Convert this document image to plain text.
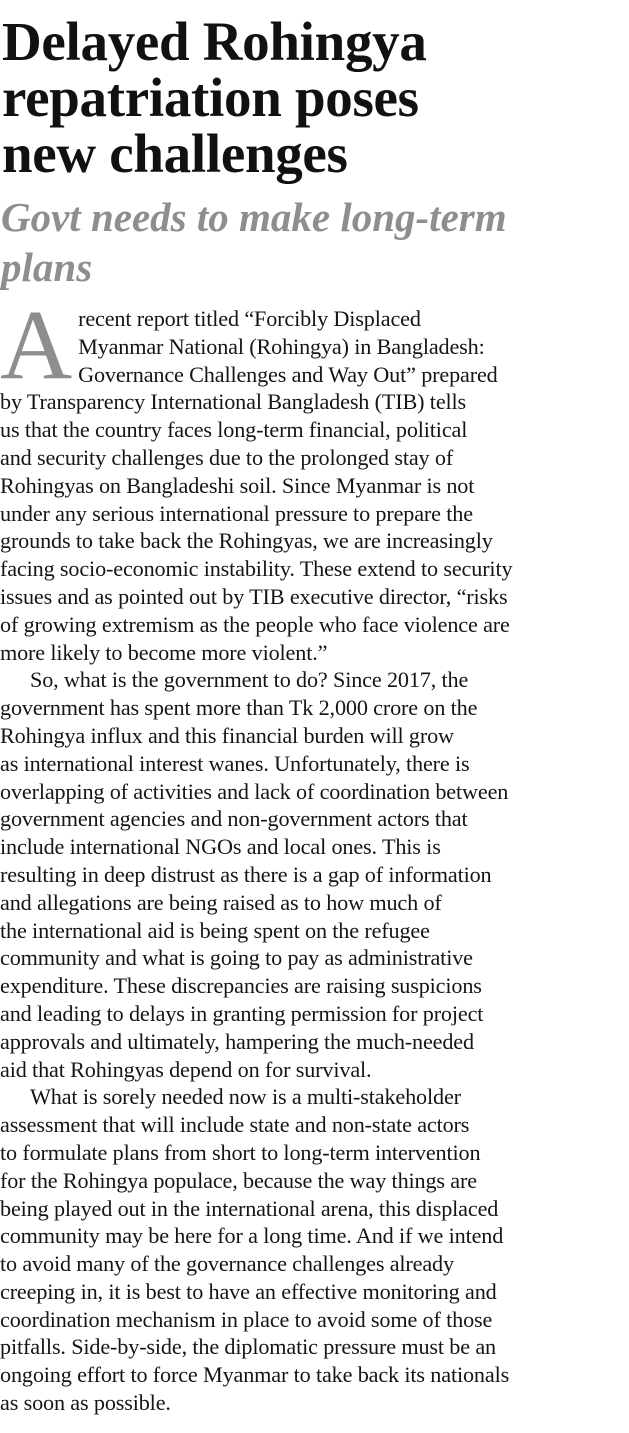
Delayed Rohingya
repatriation poses
new challenges
Govt needs to make long-term
plans

A recent report titled “Forcibly Displaced
Myanmar National (Rohingya) in Bangladesh:
Governance Challenges and Way Out” prepared
by Transparency International Bangladesh (TIB) tells
us that the country faces long-term financial, political
and security challenges due to the prolonged stay of
Rohingyas on Bangladeshi soil. Since Myanmar is not
under any serious international pressure to prepare the
grounds to take back the Rohingyas, we are increasingly
facing socio-economic instability. These extend to security
issues and as pointed out by TIB executive director, “risks
of growing extremism as the people who face violence are
more likely to become more violent.”

So, what is the government to do? Since 2017, the
government has spent more than Tk 2,000 crore on the
Rohingya influx and this financial burden will grow
as international interest wanes. Unfortunately, there is
overlapping of activities and lack of coordination between
government agencies and non-government actors that
include international NGOs and local ones. This is
resulting in deep distrust as there is a gap of information
and allegations are being raised as to how much of
the international aid is being spent on the refugee
community and what is going to pay as administrative
expenditure. These discrepancies are raising suspicions
and leading to delays in granting permission for project
approvals and ultimately, hampering the much-needed
aid that Rohingyas depend on for survival.

What is sorely needed now is a multi-stakeholder
assessment that will include state and non-state actors
to formulate plans from short to long-term intervention
for the Rohingya populace, because the way things are
being played out in the international arena, this displaced
community may be here for a long time. And if we intend
to avoid many of the governance challenges already
creeping in, it is best to have an effective monitoring and
coordination mechanism in place to avoid some of those
pitfalls. Side-by-side, the diplomatic pressure must be an
ongoing effort to force Myanmar to take back its nationals
as soon as possible.
